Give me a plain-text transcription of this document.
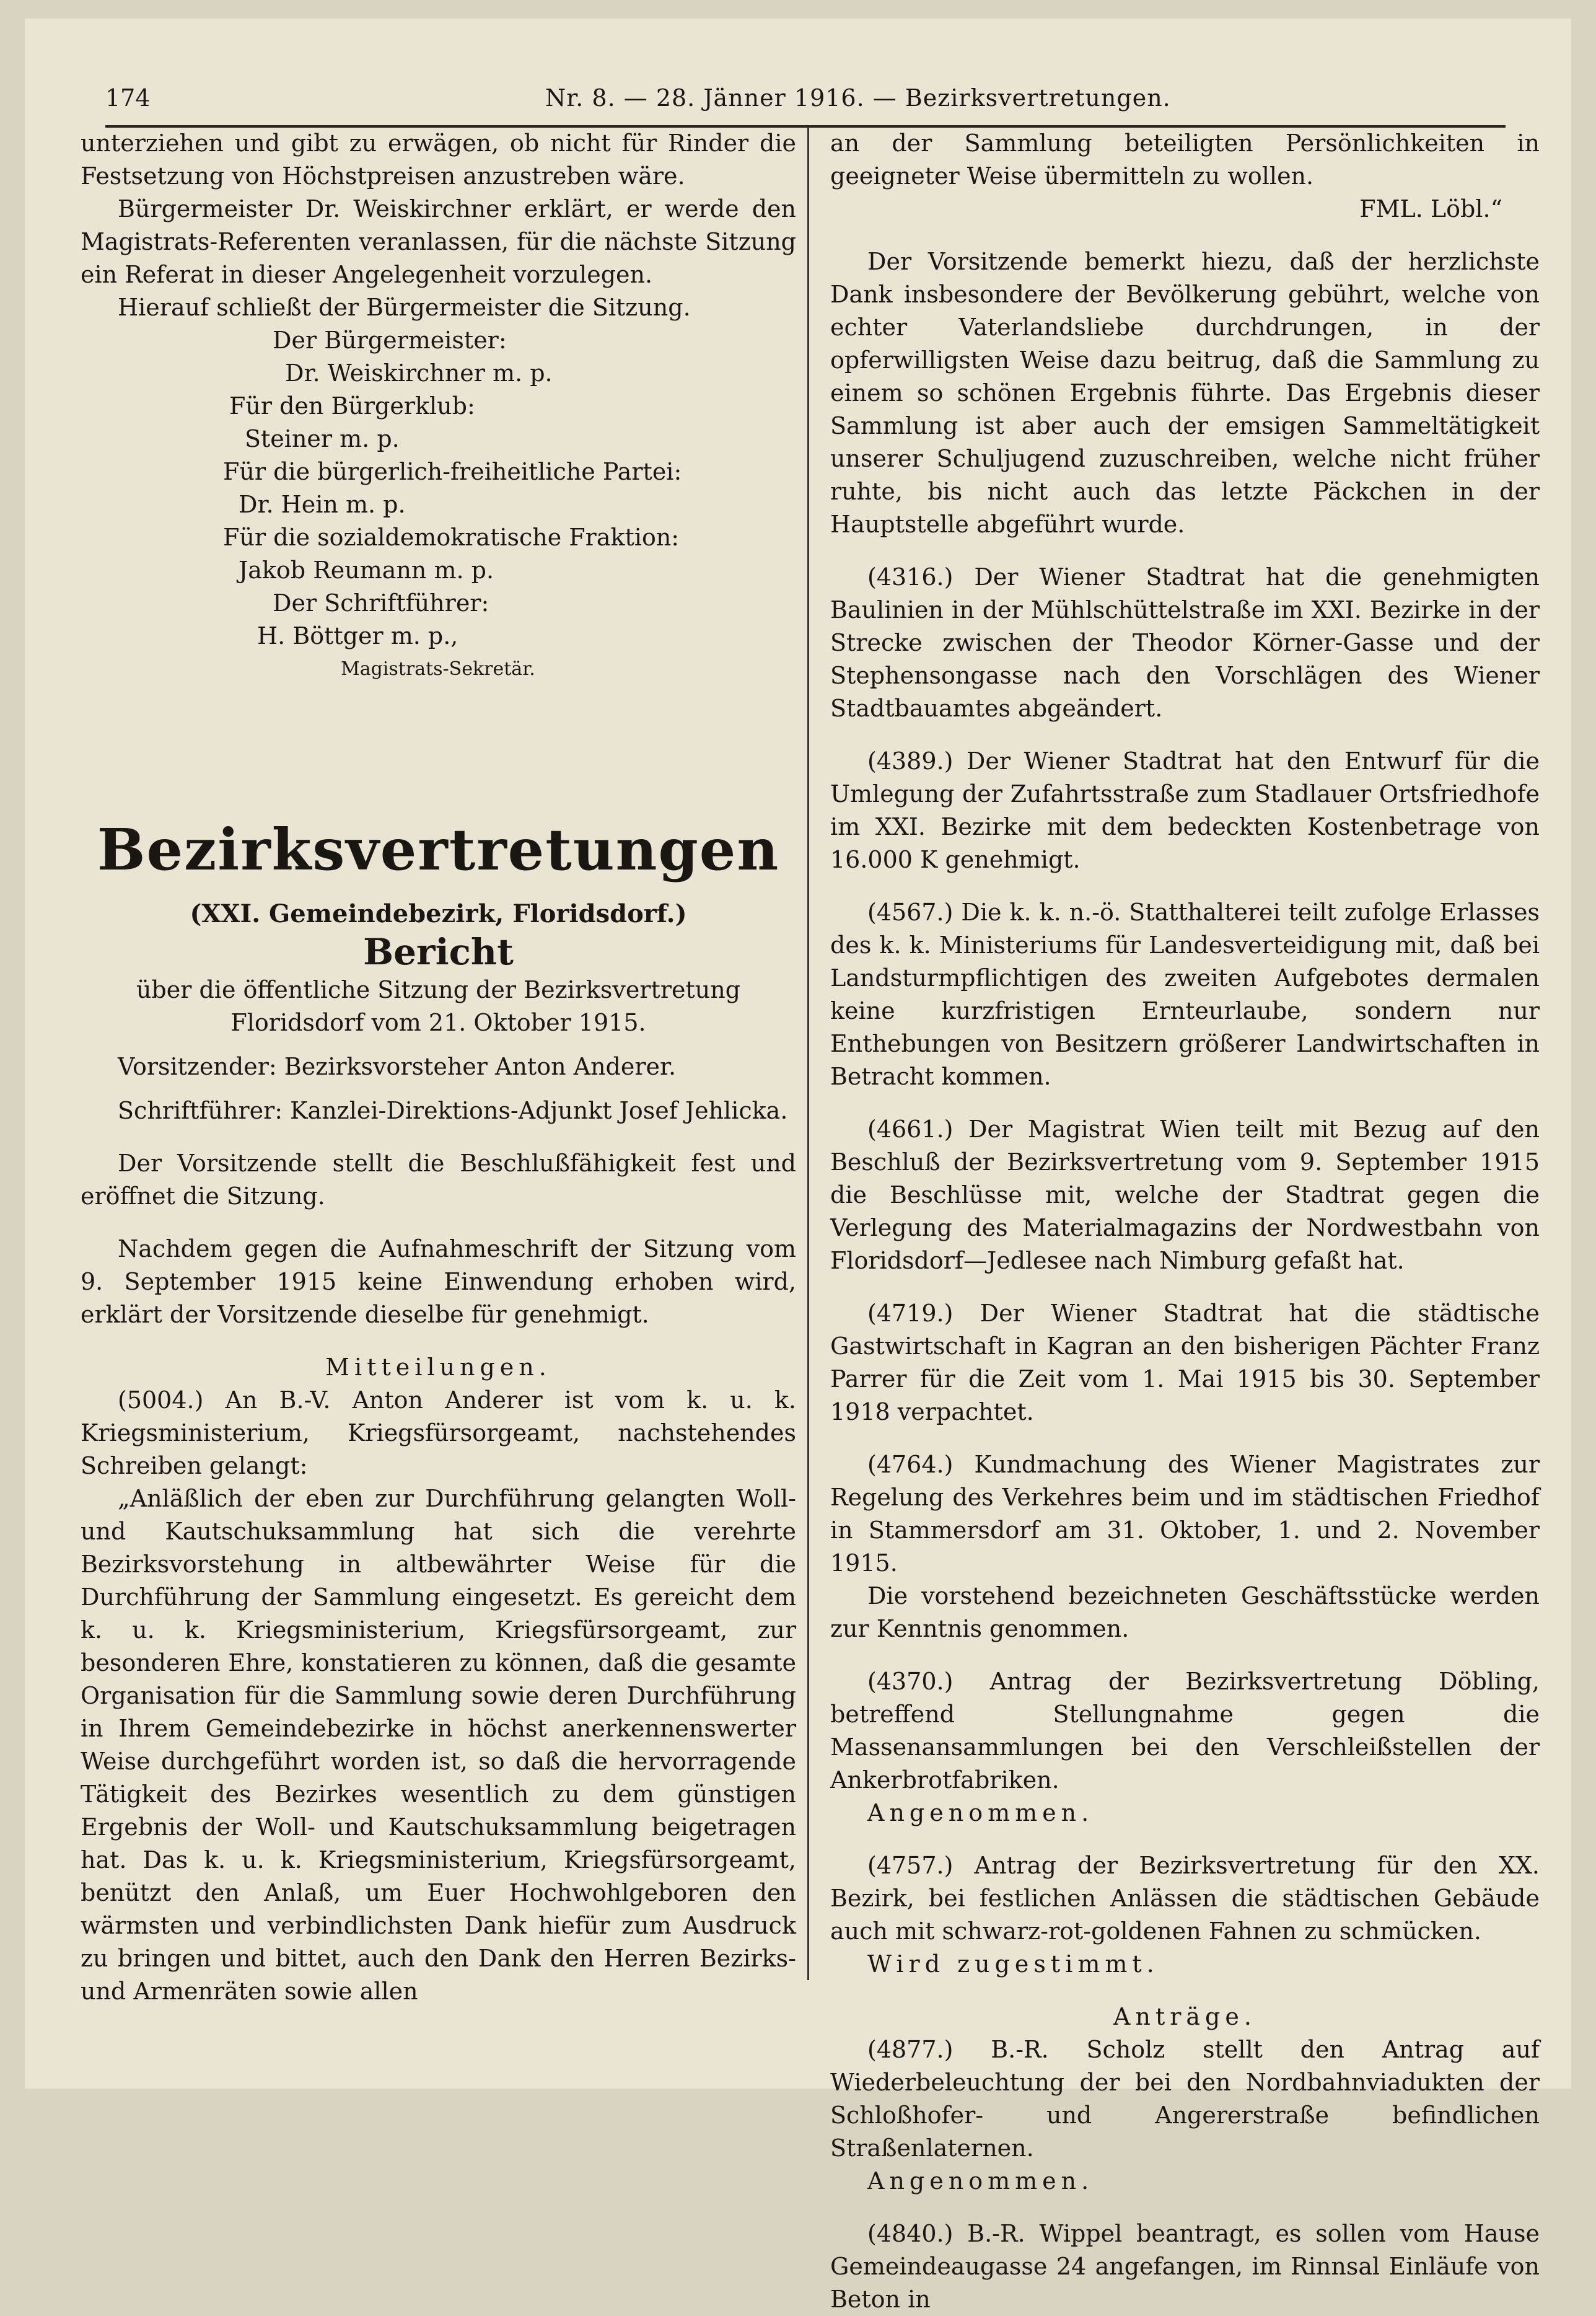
174	Nr. 8. — 28. Jänner 1916. — Bezirksvertretungen.

unterziehen und gibt zu erwägen, ob nicht für Rinder die Festsetzung von Höchstpreisen anzustreben wäre.

Bürgermeister Dr. Weiskirchner erklärt, er werde den Magistrats-Referenten veranlassen, für die nächste Sitzung ein Referat in dieser Angelegenheit vorzulegen.

Hierauf schließt der Bürgermeister die Sitzung.

Der Bürgermeister:

Dr. Weiskirchner m. p.

Für den Bürgerklub:

Steiner m. p.

Für die bürgerlich-freiheitliche Partei:

Dr. Hein m. p.

Für die sozialdemokratische Fraktion:

Jakob Reumann m. p.

Der Schriftführer:

H. Böttger m. p.,

Magistrats-Sekretär.

Bezirksvertretungen
(XXI. Gemeindebezirk, Floridsdorf.)
Bericht

über die öffentliche Sitzung der Bezirksvertretung

Floridsdorf vom 21. Oktober 1915.

Vorsitzender: Bezirksvorsteher Anton Anderer.

Schriftführer: Kanzlei-Direktions-Adjunkt Josef Jehlicka.

Der Vorsitzende stellt die Beschlußfähigkeit fest und eröffnet die Sitzung.

Nachdem gegen die Aufnahmeschrift der Sitzung vom 9. September 1915 keine Einwendung erhoben wird, erklärt der Vorsitzende dieselbe für genehmigt.

Mitteilungen.

(5004.) An B.-V. Anton Anderer ist vom k. u. k. Kriegsministerium, Kriegsfürsorgeamt, nachstehendes Schreiben gelangt:

„Anläßlich der eben zur Durchführung gelangten Woll- und Kautschuksammlung hat sich die verehrte Bezirksvorstehung in altbewährter Weise für die Durchführung der Sammlung eingesetzt. Es gereicht dem k. u. k. Kriegsministerium, Kriegsfürsorgeamt, zur besonderen Ehre, konstatieren zu können, daß die gesamte Organisation für die Sammlung sowie deren Durchführung in Ihrem Gemeindebezirke in höchst anerkennenswerter Weise durchgeführt worden ist, so daß die hervorragende Tätigkeit des Bezirkes wesentlich zu dem günstigen Ergebnis der Woll- und Kautschuksammlung beigetragen hat. Das k. u. k. Kriegsministerium, Kriegsfürsorgeamt, benützt den Anlaß, um Euer Hochwohlgeboren den wärmsten und verbindlichsten Dank hiefür zum Ausdruck zu bringen und bittet, auch den Dank den Herren Bezirks- und Armenräten sowie allen

an der Sammlung beteiligten Persönlichkeiten in geeigneter Weise übermitteln zu wollen.

FML. Löbl.“

Der Vorsitzende bemerkt hiezu, daß der herzlichste Dank insbesondere der Bevölkerung gebührt, welche von echter Vaterlandsliebe durchdrungen, in der opferwilligsten Weise dazu beitrug, daß die Sammlung zu einem so schönen Ergebnis führte. Das Ergebnis dieser Sammlung ist aber auch der emsigen Sammeltätigkeit unserer Schuljugend zuzuschreiben, welche nicht früher ruhte, bis nicht auch das letzte Päckchen in der Hauptstelle abgeführt wurde.

(4316.) Der Wiener Stadtrat hat die genehmigten Baulinien in der Mühlschüttelstraße im XXI. Bezirke in der Strecke zwischen der Theodor Körner-Gasse und der Stephensongasse nach den Vorschlägen des Wiener Stadtbauamtes abgeändert.

(4389.) Der Wiener Stadtrat hat den Entwurf für die Umlegung der Zufahrtsstraße zum Stadlauer Ortsfriedhofe im XXI. Bezirke mit dem bedeckten Kostenbetrage von 16.000 K genehmigt.

(4567.) Die k. k. n.-ö. Statthalterei teilt zufolge Erlasses des k. k. Ministeriums für Landesverteidigung mit, daß bei Landsturmpflichtigen des zweiten Aufgebotes dermalen keine kurzfristigen Ernteurlaube, sondern nur Enthebungen von Besitzern größerer Landwirtschaften in Betracht kommen.

(4661.) Der Magistrat Wien teilt mit Bezug auf den Beschluß der Bezirksvertretung vom 9. September 1915 die Beschlüsse mit, welche der Stadtrat gegen die Verlegung des Materialmagazins der Nordwestbahn von Floridsdorf—Jedlesee nach Nimburg gefaßt hat.

(4719.) Der Wiener Stadtrat hat die städtische Gastwirtschaft in Kagran an den bisherigen Pächter Franz Parrer für die Zeit vom 1. Mai 1915 bis 30. September 1918 verpachtet.

(4764.) Kundmachung des Wiener Magistrates zur Regelung des Verkehres beim und im städtischen Friedhof in Stammersdorf am 31. Oktober, 1. und 2. November 1915.

Die vorstehend bezeichneten Geschäftsstücke werden zur Kenntnis genommen.

(4370.) Antrag der Bezirksvertretung Döbling, betreffend Stellungnahme gegen die Massenansammlungen bei den Verschleißstellen der Ankerbrotfabriken.

Angenommen.

(4757.) Antrag der Bezirksvertretung für den XX. Bezirk, bei festlichen Anlässen die städtischen Gebäude auch mit schwarz-rot-goldenen Fahnen zu schmücken.

Wird zugestimmt.

Anträge.

(4877.) B.-R. Scholz stellt den Antrag auf Wiederbeleuchtung der bei den Nordbahnviadukten der Schloßhofer- und Angererstraße befindlichen Straßenlaternen.

Angenommen.

(4840.) B.-R. Wippel beantragt, es sollen vom Hause Gemeindeaugasse 24 angefangen, im Rinnsal Einläufe von Beton in
